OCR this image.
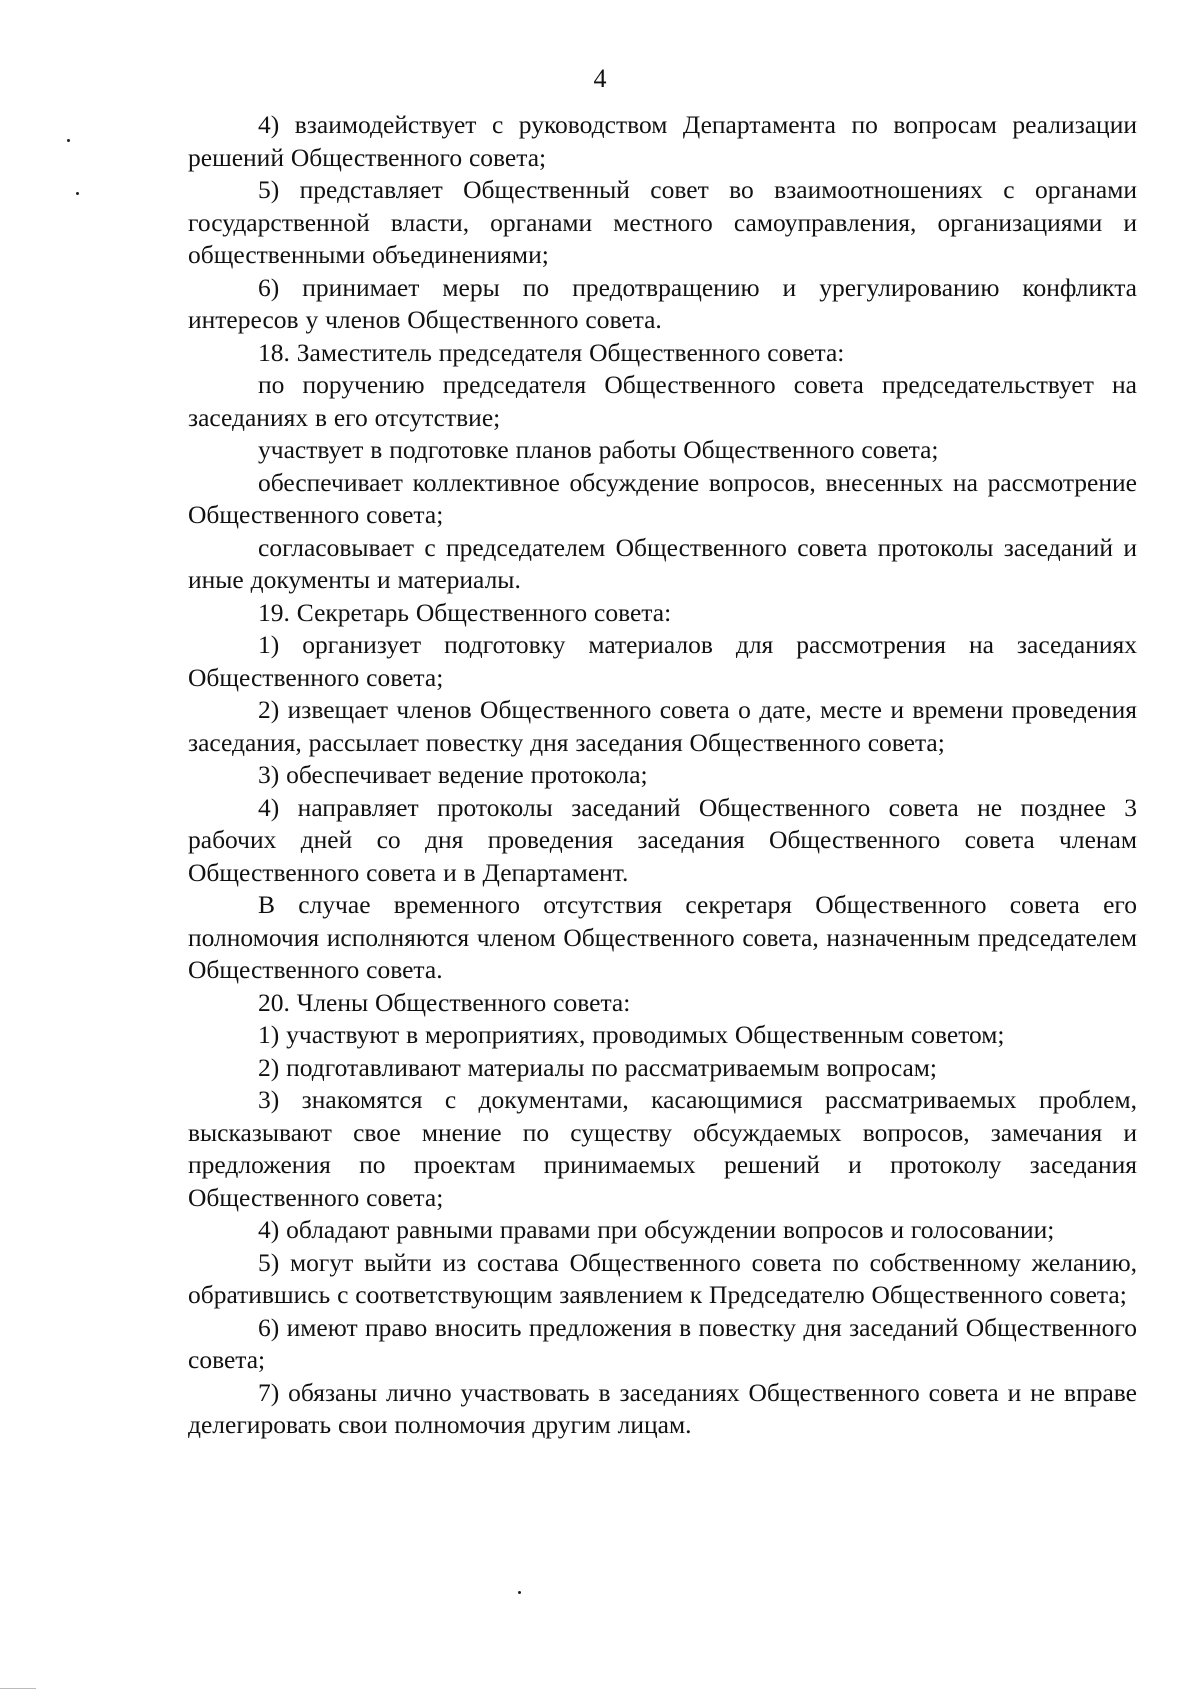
4

4) взаимодействует с руководством Департамента по вопросам реализации решений Общественного совета;

5) представляет Общественный совет во взаимоотношениях с органами государственной власти, органами местного самоуправления, организациями и общественными объединениями;

6) принимает меры по предотвращению и урегулированию конфликта интересов у членов Общественного совета.

18. Заместитель председателя Общественного совета:

по поручению председателя Общественного совета председательствует на заседаниях в его отсутствие;

участвует в подготовке планов работы Общественного совета;

обеспечивает коллективное обсуждение вопросов, внесенных на рассмотрение Общественного совета;

согласовывает с председателем Общественного совета протоколы заседаний и иные документы и материалы.

19. Секретарь Общественного совета:

1) организует подготовку материалов для рассмотрения на заседаниях Общественного совета;

2) извещает членов Общественного совета о дате, месте и времени проведения заседания, рассылает повестку дня заседания Общественного совета;

3) обеспечивает ведение протокола;

4) направляет протоколы заседаний Общественного совета не позднее 3 рабочих дней со дня проведения заседания Общественного совета членам Общественного совета и в Департамент.

В случае временного отсутствия секретаря Общественного совета его полномочия исполняются членом Общественного совета, назначенным председателем Общественного совета.

20. Члены Общественного совета:

1) участвуют в мероприятиях, проводимых Общественным советом;

2) подготавливают материалы по рассматриваемым вопросам;

3) знакомятся с документами, касающимися рассматриваемых проблем, высказывают свое мнение по существу обсуждаемых вопросов, замечания и предложения по проектам принимаемых решений и протоколу заседания Общественного совета;

4) обладают равными правами при обсуждении вопросов и голосовании;

5) могут выйти из состава Общественного совета по собственному желанию, обратившись с соответствующим заявлением к Председателю Общественного совета;

6) имеют право вносить предложения в повестку дня заседаний Общественного совета;

7) обязаны лично участвовать в заседаниях Общественного совета и не вправе делегировать свои полномочия другим лицам.
